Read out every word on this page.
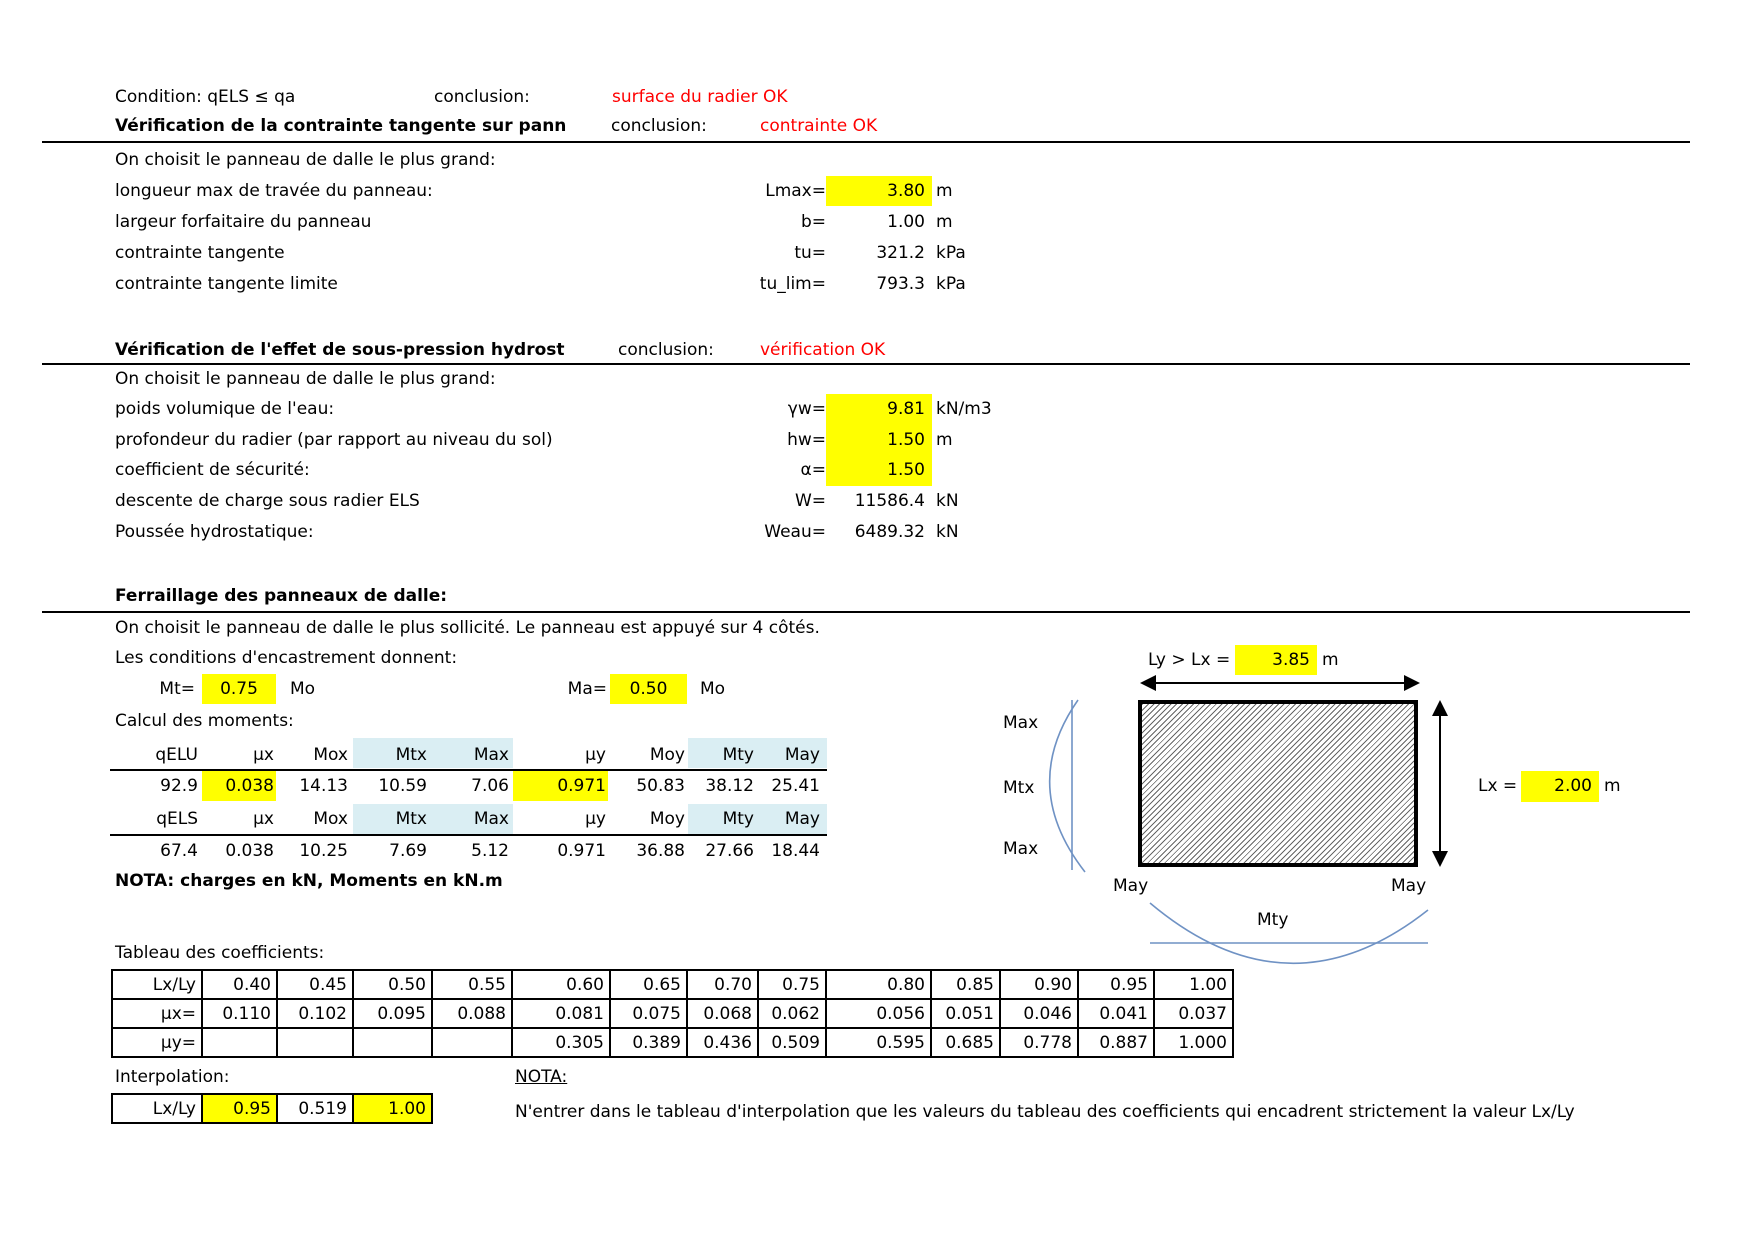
Condition: qELS ≤ qa	conclusion:	surface du radier OK
Vérification de la contrainte tangente sur pann	conclusion:	contrainte OK
On choisit le panneau de dalle le plus grand:
longueur max de travée du panneau:	Lmax=	3.80 m
largeur forfaitaire du panneau	b=	1.00 m
contrainte tangente	tu=	321.2 kPa
contrainte tangente limite	tu_lim=	793.3 kPa
Vérification de l'effet de sous-pression hydrost	conclusion:	vérification OK
On choisit le panneau de dalle le plus grand:
poids volumique de l'eau:	γw=	9.81 kN/m3
profondeur du radier (par rapport au niveau du sol)	hw=	1.50 m
coefficient de sécurité:	α=	1.50
descente de charge sous radier ELS	W=	11586.4 kN
Poussée hydrostatique:	Weau=	6489.32 kN
Ferraillage des panneaux de dalle:
On choisit le panneau de dalle le plus sollicité. Le panneau est appuyé sur 4 côtés.
Les conditions d'encastrement donnent:
Mt=	0.75	Mo	Ma=	0.50	Mo
Calcul des moments:
qELU	µx	Mox	Mtx	Max	µy	Moy	Mty	May
92.9	0.038	14.13	10.59	7.06	0.971	50.83	38.12	25.41
qELS	µx	Mox	Mtx	Max	µy	Moy	Mty	May
67.4	0.038	10.25	7.69	5.12	0.971	36.88	27.66	18.44
NOTA: charges en kN, Moments en kN.m
Ly > Lx =	3.85 m
Lx =	2.00 m
Max
Mtx
Max
May	May
Mty
Tableau des coefficients:
Lx/Ly	0.40	0.45	0.50	0.55	0.60	0.65	0.70	0.75	0.80	0.85	0.90	0.95	1.00
µx=	0.110	0.102	0.095	0.088	0.081	0.075	0.068	0.062	0.056	0.051	0.046	0.041	0.037
µy=					0.305	0.389	0.436	0.509	0.595	0.685	0.778	0.887	1.000
Interpolation:	NOTA:
Lx/Ly	0.95	0.519	1.00	N'entrer dans le tableau d'interpolation que les valeurs du tableau des coefficients qui encadrent strictement la valeur Lx/Ly
